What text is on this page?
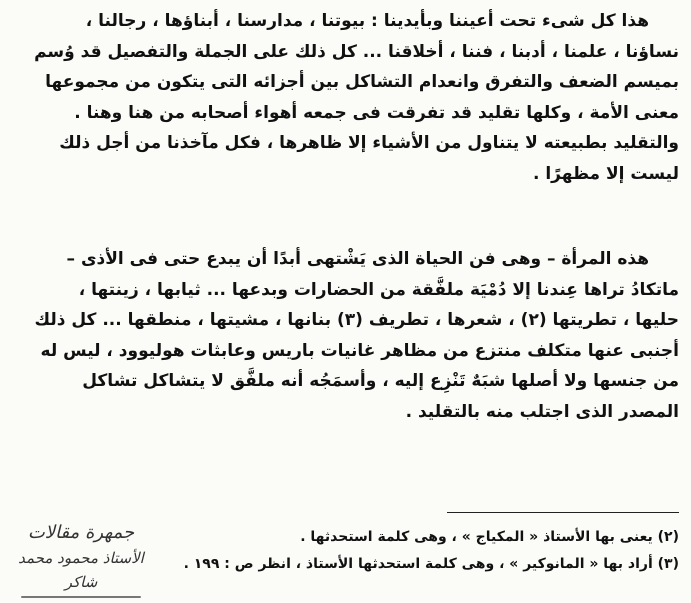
هذا كل شىء تحت أعيننا وبأيدينا : بيوتنا ، مدارسنا ، أبناؤها ، رجالنا ،
نساؤنا ، علمنا ، أدبنا ، فننا ، أخلاقنا ... كل ذلك على الجملة والتفصيل قد وُسم
بميسم الضعف والتفرق وانعدام التشاكل بين أجزائه التى يتكون من مجموعها
معنى الأمة ، وكلها تقليد قد تفرقت فى جمعه أهواء أصحابه من هنا وهنا .
والتقليد بطبيعته لا يتناول من الأشياء إلا ظاهرها ، فكل مآخذنا من أجل ذلك
ليست إلا مظهرًا .
هذه المرأة – وهى فن الحياة الذى يَشْتهى أبدًا أن يبدع حتى فى الأذى –
ماتكادُ تراها عِندنا إلا دُمْيَة ملفَّقة من الحضارات وبدعها ... ثيابها ، زينتها ،
حليها ، تطريتها (٢) ، شعرها ، تطريف (٣) بنانها ، مشيتها ، منطقها ... كل ذلك
أجنبى عنها متكلف منتزع من مظاهر غانيات باريس وعابثات هوليوود ، ليس له
من جنسها ولا أصلها شبَهٌ تَنْزِع إليه ، وأسمَجُه أنه ملفَّق لا يتشاكل تشاكل
المصدر الذى اجتلب منه بالتقليد .
(٢) يعنى بها الأستاذ « المكياج » ، وهى كلمة استحدثها .
(٣) أراد بها « المانوكير » ، وهى كلمة استحدثها الأستاذ ، انظر ص : ١٩٩ .
جمهرة مقالات
الأستاذ محمود محمد شاكر
